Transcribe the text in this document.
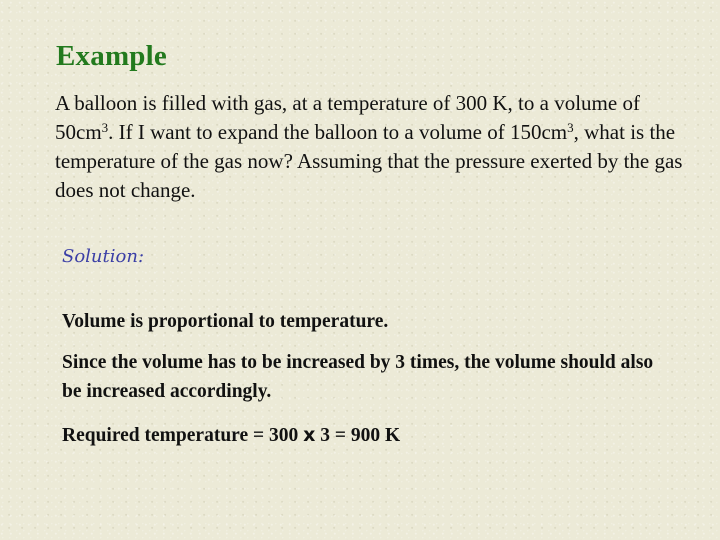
Example
A balloon is filled with gas, at a temperature of 300 K, to a volume of $50cm^3$. If I want to expand the balloon to a volume of $150cm^3$, what is the temperature of the gas now? Assuming that the pressure exerted by the gas does not change.
Solution:
Volume is proportional to temperature.
Since the volume has to be increased by 3 times, the volume should also be increased accordingly.
Required temperature = 300 x 3 = 900 K
